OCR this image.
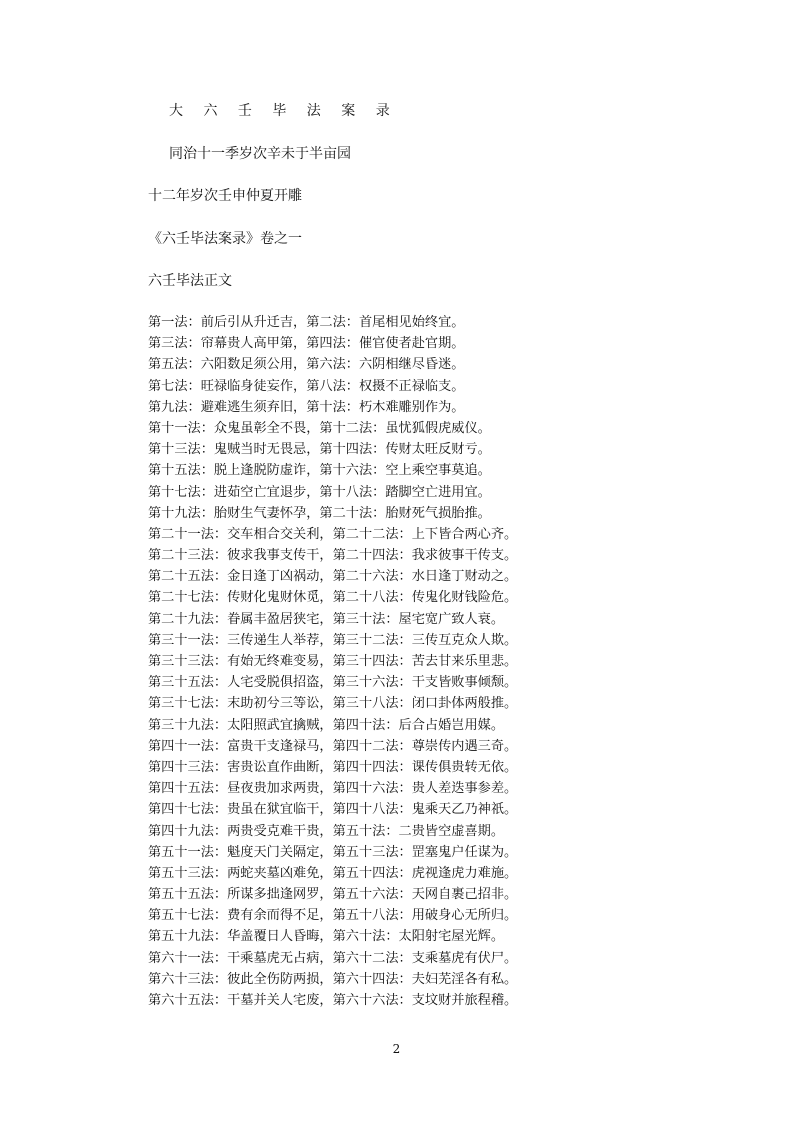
大 六 壬 毕 法 案 录
同治十一季岁次辛未于半亩园
十二年岁次壬申仲夏开雕
《六壬毕法案录》卷之一
六壬毕法正文
第一法：前后引从升迁吉，第二法：首尾相见始终宜。
第三法：帘幕贵人高甲第，第四法：催官使者赴官期。
第五法：六阳数足须公用，第六法：六阴相继尽昏迷。
第七法：旺禄临身徒妄作，第八法：权摄不正禄临支。
第九法：避难逃生须弃旧，第十法：朽木难雕别作为。
第十一法：众鬼虽彰全不畏，第十二法：虽忧狐假虎威仪。
第十三法：鬼贼当时无畏忌，第十四法：传财太旺反财亏。
第十五法：脱上逢脱防虚诈，第十六法：空上乘空事莫追。
第十七法：进茹空亡宜退步，第十八法：踏脚空亡进用宜。
第十九法：胎财生气妻怀孕，第二十法：胎财死气损胎推。
第二十一法：交车相合交关利，第二十二法：上下皆合两心齐。
第二十三法：彼求我事支传干，第二十四法：我求彼事干传支。
第二十五法：金日逢丁凶祸动，第二十六法：水日逢丁财动之。
第二十七法：传财化鬼财休觅，第二十八法：传鬼化财钱险危。
第二十九法：眷属丰盈居狭宅，第三十法：屋宅宽广致人衰。
第三十一法：三传递生人举荐，第三十二法：三传互克众人欺。
第三十三法：有始无终难变易，第三十四法：苦去甘来乐里悲。
第三十五法：人宅受脱俱招盗，第三十六法：干支皆败事倾颓。
第三十七法：末助初兮三等讼，第三十八法：闭口卦体两般推。
第三十九法：太阳照武宜擒贼，第四十法：后合占婚岂用媒。
第四十一法：富贵干支逢禄马，第四十二法：尊崇传内遇三奇。
第四十三法：害贵讼直作曲断，第四十四法：课传俱贵转无依。
第四十五法：昼夜贵加求两贵，第四十六法：贵人差迭事参差。
第四十七法：贵虽在狱宜临干，第四十八法：鬼乘天乙乃神祇。
第四十九法：两贵受克难干贵，第五十法：二贵皆空虚喜期。
第五十一法：魁度天门关隔定，第五十三法：罡塞鬼户任谋为。
第五十三法：两蛇夹墓凶难免，第五十四法：虎视逢虎力难施。
第五十五法：所谋多拙逢网罗，第五十六法：天网自裹己招非。
第五十七法：费有余而得不足，第五十八法：用破身心无所归。
第五十九法：华盖覆日人昏晦，第六十法：太阳射宅屋光辉。
第六十一法：干乘墓虎无占病，第六十二法：支乘墓虎有伏尸。
第六十三法：彼此全伤防两损，第六十四法：夫妇芜淫各有私。
第六十五法：干墓并关人宅废，第六十六法：支坟财并旅程稽。
2
